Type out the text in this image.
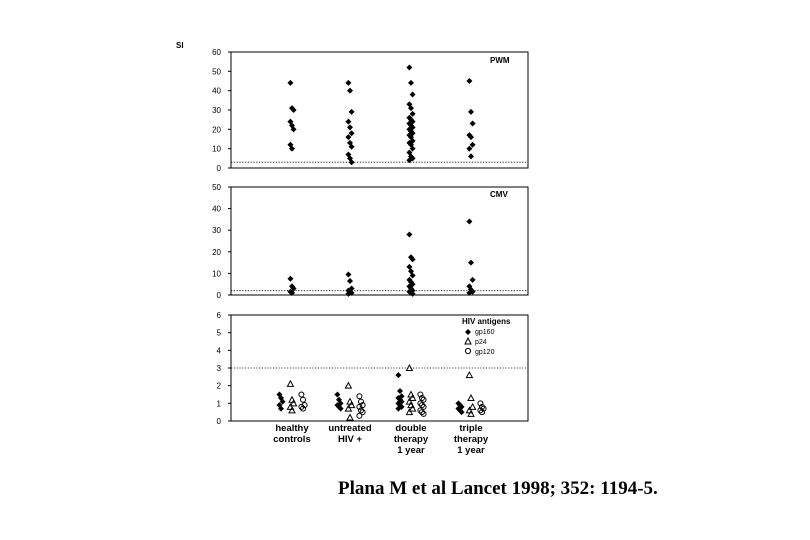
SI
PWM
0
10
20
30
40
50
60
CMV
0
10
20
30
40
50
HIV antigens
gp160
p24
gp120
0
1
2
3
4
5
6
healthy
controls
untreated
HIV +
double
therapy
1 year
triple
therapy
1 year
Plana M et al Lancet 1998; 352: 1194-5.
